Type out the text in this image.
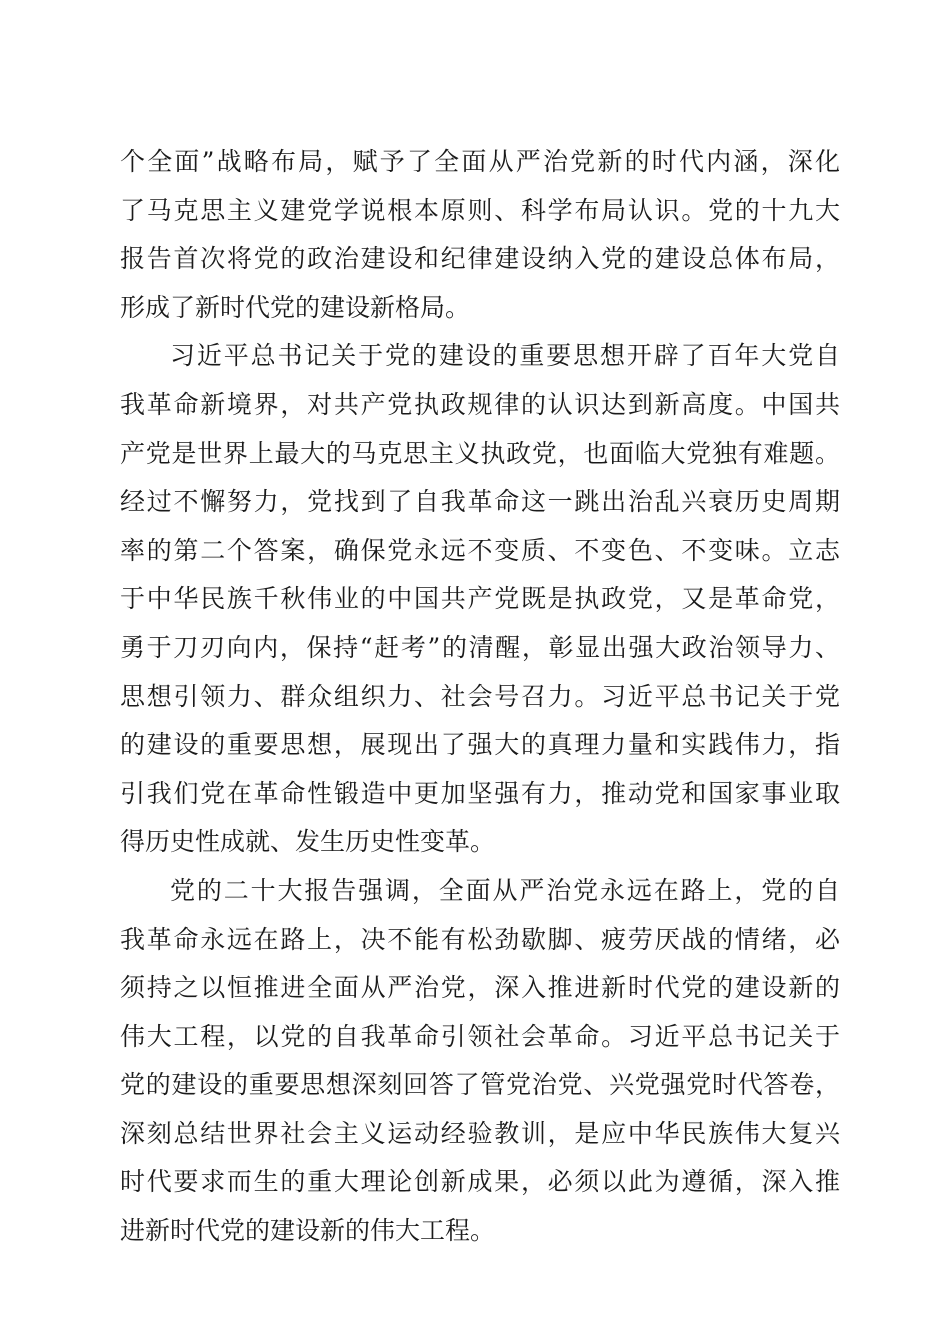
个全面”战略布局，赋予了全面从严治党新的时代内涵，深化
了马克思主义建党学说根本原则、科学布局认识。党的十九大
报告首次将党的政治建设和纪律建设纳入党的建设总体布局，
形成了新时代党的建设新格局。
习近平总书记关于党的建设的重要思想开辟了百年大党自
我革命新境界，对共产党执政规律的认识达到新高度。中国共
产党是世界上最大的马克思主义执政党，也面临大党独有难题。
经过不懈努力，党找到了自我革命这一跳出治乱兴衰历史周期
率的第二个答案，确保党永远不变质、不变色、不变味。立志
于中华民族千秋伟业的中国共产党既是执政党，又是革命党，
勇于刀刃向内，保持“赶考”的清醒，彰显出强大政治领导力、
思想引领力、群众组织力、社会号召力。习近平总书记关于党
的建设的重要思想，展现出了强大的真理力量和实践伟力，指
引我们党在革命性锻造中更加坚强有力，推动党和国家事业取
得历史性成就、发生历史性变革。
党的二十大报告强调，全面从严治党永远在路上，党的自
我革命永远在路上，决不能有松劲歇脚、疲劳厌战的情绪，必
须持之以恒推进全面从严治党，深入推进新时代党的建设新的
伟大工程，以党的自我革命引领社会革命。习近平总书记关于
党的建设的重要思想深刻回答了管党治党、兴党强党时代答卷，
深刻总结世界社会主义运动经验教训，是应中华民族伟大复兴
时代要求而生的重大理论创新成果，必须以此为遵循，深入推
进新时代党的建设新的伟大工程。
